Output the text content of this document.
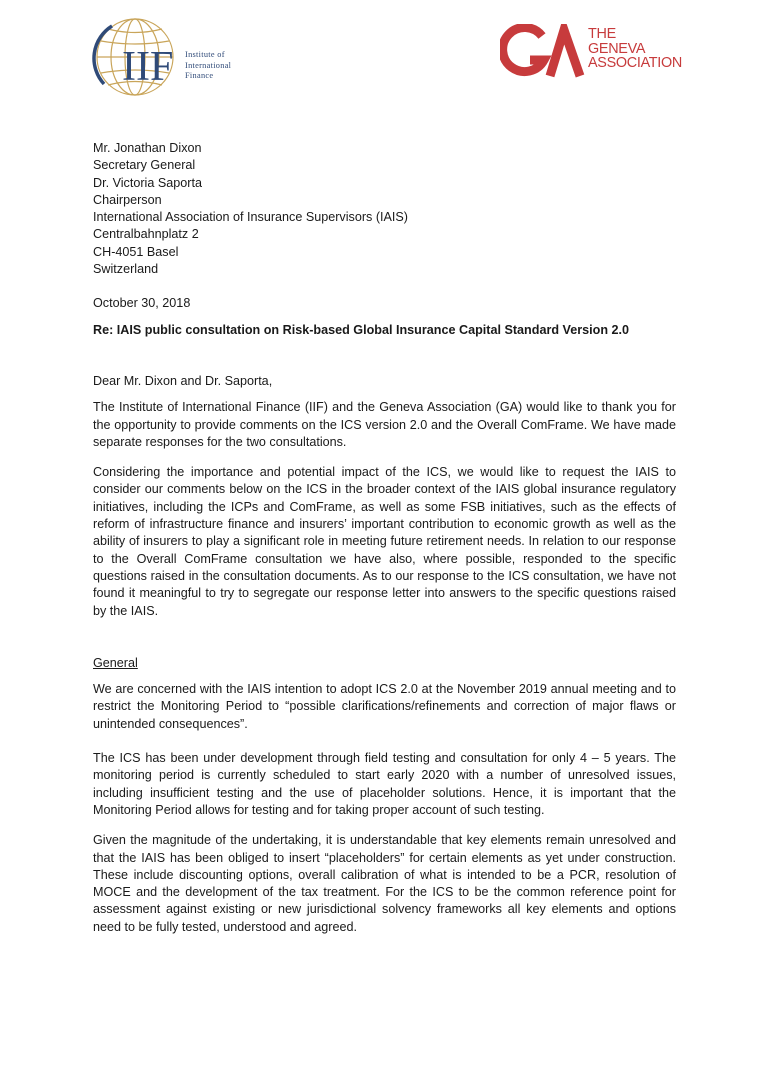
IIF Institute of
International
Finance
THE
GENEVA
ASSOCIATION
Mr. Jonathan Dixon
Secretary General
Dr. Victoria Saporta
Chairperson
International Association of Insurance Supervisors (IAIS)
Centralbahnplatz 2
CH-4051 Basel
Switzerland
October 30, 2018
Re: IAIS public consultation on Risk-based Global Insurance Capital Standard Version 2.0
Dear Mr. Dixon and Dr. Saporta,
The Institute of International Finance (IIF) and the Geneva Association (GA) would like to thank you for the opportunity to provide comments on the ICS version 2.0 and the Overall ComFrame. We have made separate responses for the two consultations.
Considering the importance and potential impact of the ICS, we would like to request the IAIS to consider our comments below on the ICS in the broader context of the IAIS global insurance regulatory initiatives, including the ICPs and ComFrame, as well as some FSB initiatives, such as the effects of reform of infrastructure finance and insurers’ important contribution to economic growth as well as the ability of insurers to play a significant role in meeting future retirement needs. In relation to our response to the Overall ComFrame consultation we have also, where possible, responded to the specific questions raised in the consultation documents. As to our response to the ICS consultation, we have not found it meaningful to try to segregate our response letter into answers to the specific questions raised by the IAIS.
General
We are concerned with the IAIS intention to adopt ICS 2.0 at the November 2019 annual meeting and to restrict the Monitoring Period to “possible clarifications/refinements and correction of major flaws or unintended consequences”.
The ICS has been under development through field testing and consultation for only 4 – 5 years. The monitoring period is currently scheduled to start early 2020 with a number of unresolved issues, including insufficient testing and the use of placeholder solutions. Hence, it is important that the Monitoring Period allows for testing and for taking proper account of such testing.
Given the magnitude of the undertaking, it is understandable that key elements remain unresolved and that the IAIS has been obliged to insert “placeholders” for certain elements as yet under construction. These include discounting options, overall calibration of what is intended to be a PCR, resolution of MOCE and the development of the tax treatment. For the ICS to be the common reference point for assessment against existing or new jurisdictional solvency frameworks all key elements and options need to be fully tested, understood and agreed.
